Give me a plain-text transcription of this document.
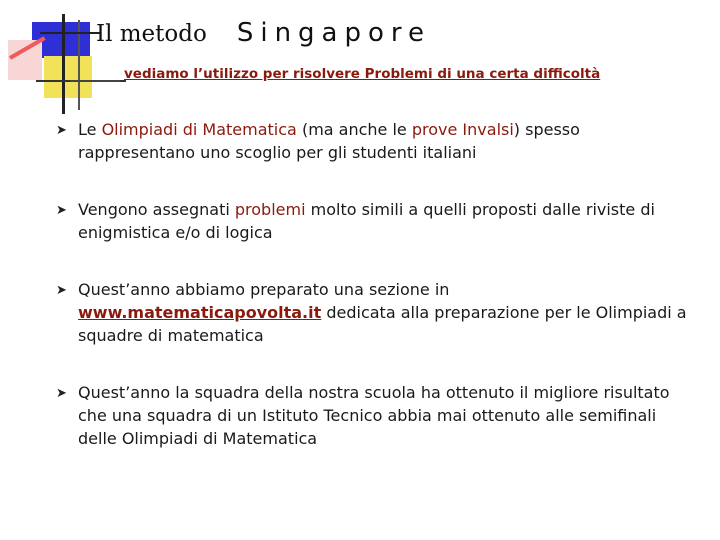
Il metodo Singapore
vediamo l’utilizzo per risolvere Problemi di una certa difficoltà
➤ Le Olimpiadi di Matematica (ma anche le prove Invalsi) spesso rappresentano uno scoglio per gli studenti italiani
➤ Vengono assegnati problemi molto simili a quelli proposti dalle riviste di enigmistica e/o di logica
➤ Quest’anno abbiamo preparato una sezione in www.matematicapovolta.it dedicata alla preparazione per le Olimpiadi a squadre di matematica
➤ Quest’anno la squadra della nostra scuola ha ottenuto il migliore risultato che una squadra di un Istituto Tecnico abbia mai ottenuto alle semifinali delle Olimpiadi di Matematica
